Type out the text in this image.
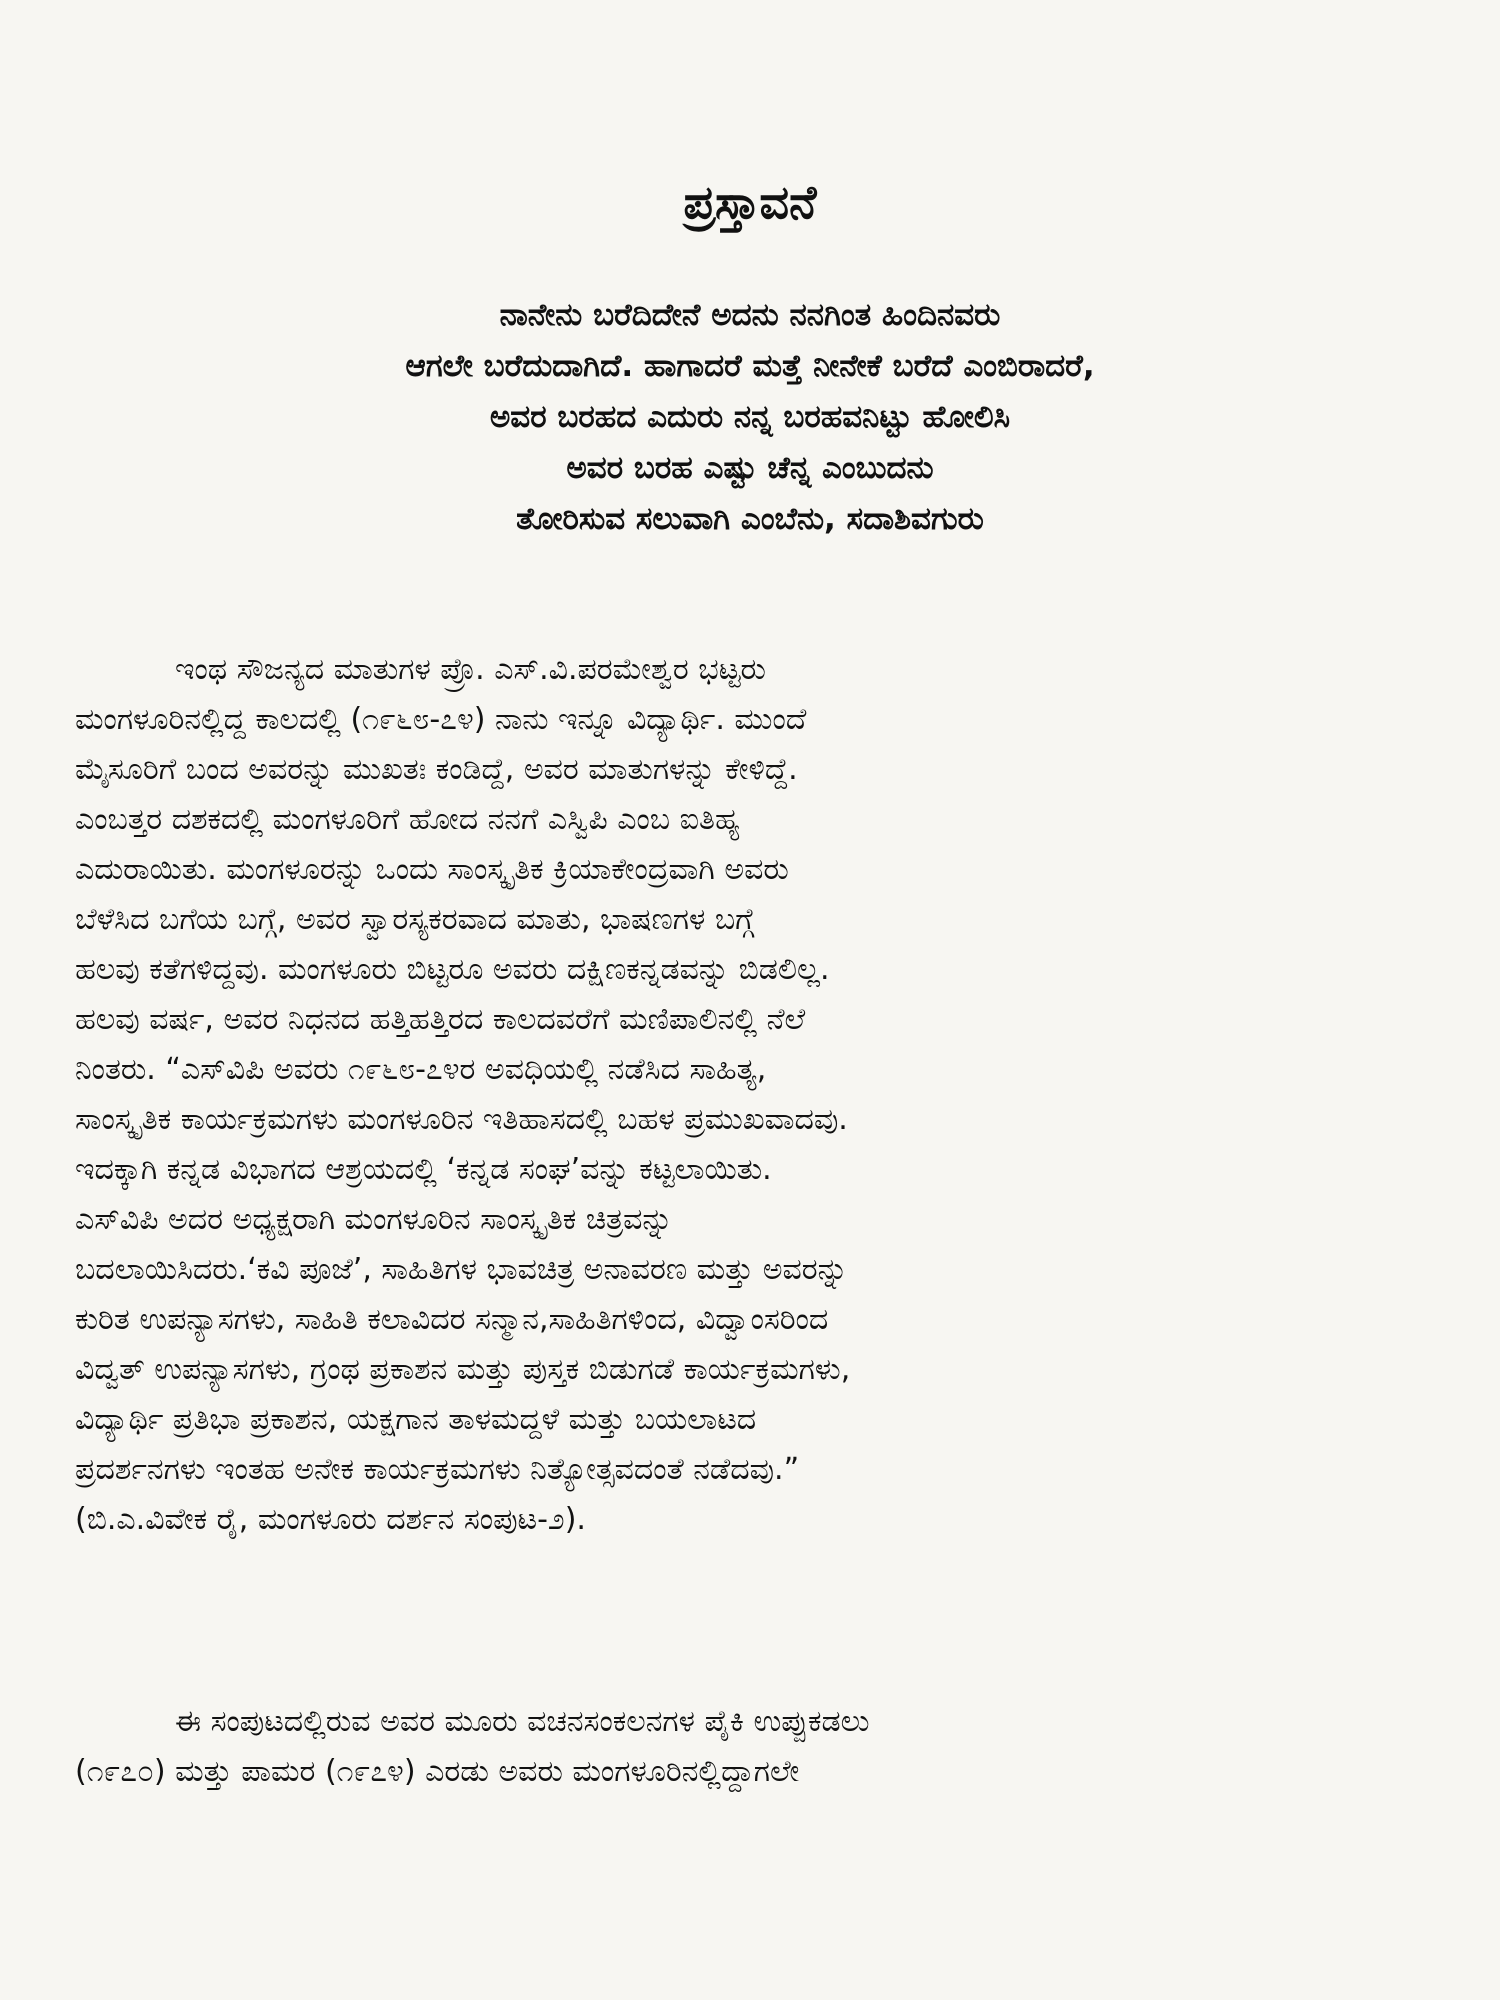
ಪ್ರಸ್ತಾವನೆ
ನಾನೇನು ಬರೆದಿದೇನೆ ಅದನು ನನಗಿಂತ ಹಿಂದಿನವರು
ಆಗಲೇ ಬರೆದುದಾಗಿದೆ. ಹಾಗಾದರೆ ಮತ್ತೆ ನೀನೇಕೆ ಬರೆದೆ ಎಂಬಿರಾದರೆ,
ಅವರ ಬರಹದ ಎದುರು ನನ್ನ ಬರಹವನಿಟ್ಟು ಹೋಲಿಸಿ
ಅವರ ಬರಹ ಎಷ್ಟು ಚೆನ್ನ ಎಂಬುದನು
ತೋರಿಸುವ ಸಲುವಾಗಿ ಎಂಬೆನು, ಸದಾಶಿವಗುರು
ಇಂಥ ಸೌಜನ್ಯದ ಮಾತುಗಳ ಪ್ರೊ. ಎಸ್.ವಿ.ಪರಮೇಶ್ವರ ಭಟ್ಟರು
ಮಂಗಳೂರಿನಲ್ಲಿದ್ದ ಕಾಲದಲ್ಲಿ (೧೯೬೮-೭೪) ನಾನು ಇನ್ನೂ ವಿದ್ಯಾರ್ಥಿ. ಮುಂದೆ
ಮೈಸೂರಿಗೆ ಬಂದ ಅವರನ್ನು ಮುಖತಃ ಕಂಡಿದ್ದೆ, ಅವರ ಮಾತುಗಳನ್ನು ಕೇಳಿದ್ದೆ.
ಎಂಬತ್ತರ ದಶಕದಲ್ಲಿ ಮಂಗಳೂರಿಗೆ ಹೋದ ನನಗೆ ಎಸ್ವಿಪಿ ಎಂಬ ಐತಿಹ್ಯ
ಎದುರಾಯಿತು. ಮಂಗಳೂರನ್ನು ಒಂದು ಸಾಂಸ್ಕೃತಿಕ ಕ್ರಿಯಾಕೇಂದ್ರವಾಗಿ ಅವರು
ಬೆಳೆಸಿದ ಬಗೆಯ ಬಗ್ಗೆ, ಅವರ ಸ್ವಾರಸ್ಯಕರವಾದ ಮಾತು, ಭಾಷಣಗಳ ಬಗ್ಗೆ
ಹಲವು ಕತೆಗಳಿದ್ದವು. ಮಂಗಳೂರು ಬಿಟ್ಟರೂ ಅವರು ದಕ್ಷಿಣಕನ್ನಡವನ್ನು ಬಿಡಲಿಲ್ಲ.
ಹಲವು ವರ್ಷ, ಅವರ ನಿಧನದ ಹತ್ತಿಹತ್ತಿರದ ಕಾಲದವರೆಗೆ ಮಣಿಪಾಲಿನಲ್ಲಿ ನೆಲೆ
ನಿಂತರು. “ಎಸ್‌ವಿಪಿ ಅವರು ೧೯೬೮-೭೪ರ ಅವಧಿಯಲ್ಲಿ ನಡೆಸಿದ ಸಾಹಿತ್ಯ,
ಸಾಂಸ್ಕೃತಿಕ ಕಾರ್ಯಕ್ರಮಗಳು ಮಂಗಳೂರಿನ ಇತಿಹಾಸದಲ್ಲಿ ಬಹಳ ಪ್ರಮುಖವಾದವು.
ಇದಕ್ಕಾಗಿ ಕನ್ನಡ ವಿಭಾಗದ ಆಶ್ರಯದಲ್ಲಿ ‘ಕನ್ನಡ ಸಂಘ’ವನ್ನು ಕಟ್ಟಲಾಯಿತು.
ಎಸ್‌ವಿಪಿ ಅದರ ಅಧ್ಯಕ್ಷರಾಗಿ ಮಂಗಳೂರಿನ ಸಾಂಸ್ಕೃತಿಕ ಚಿತ್ರವನ್ನು
ಬದಲಾಯಿಸಿದರು.‘ಕವಿ ಪೂಜೆ’, ಸಾಹಿತಿಗಳ ಭಾವಚಿತ್ರ ಅನಾವರಣ ಮತ್ತು ಅವರನ್ನು
ಕುರಿತ ಉಪನ್ಯಾಸಗಳು, ಸಾಹಿತಿ ಕಲಾವಿದರ ಸನ್ಮಾನ,ಸಾಹಿತಿಗಳಿಂದ, ವಿದ್ವಾಂಸರಿಂದ
ವಿದ್ವತ್ ಉಪನ್ಯಾಸಗಳು, ಗ್ರಂಥ ಪ್ರಕಾಶನ ಮತ್ತು ಪುಸ್ತಕ ಬಿಡುಗಡೆ ಕಾರ್ಯಕ್ರಮಗಳು,
ವಿದ್ಯಾರ್ಥಿ ಪ್ರತಿಭಾ ಪ್ರಕಾಶನ, ಯಕ್ಷಗಾನ ತಾಳಮದ್ದಳೆ ಮತ್ತು ಬಯಲಾಟದ
ಪ್ರದರ್ಶನಗಳು ಇಂತಹ ಅನೇಕ ಕಾರ್ಯಕ್ರಮಗಳು ನಿತ್ಯೋತ್ಸವದಂತೆ ನಡೆದವು.”
(ಬಿ.ಎ.ವಿವೇಕ ರೈ, ಮಂಗಳೂರು ದರ್ಶನ ಸಂಪುಟ-೨).
ಈ ಸಂಪುಟದಲ್ಲಿರುವ ಅವರ ಮೂರು ವಚನಸಂಕಲನಗಳ ಪೈಕಿ ಉಪ್ಪುಕಡಲು
(೧೯೭೦) ಮತ್ತು ಪಾಮರ (೧೯೭೪) ಎರಡು ಅವರು ಮಂಗಳೂರಿನಲ್ಲಿದ್ದಾಗಲೇ
